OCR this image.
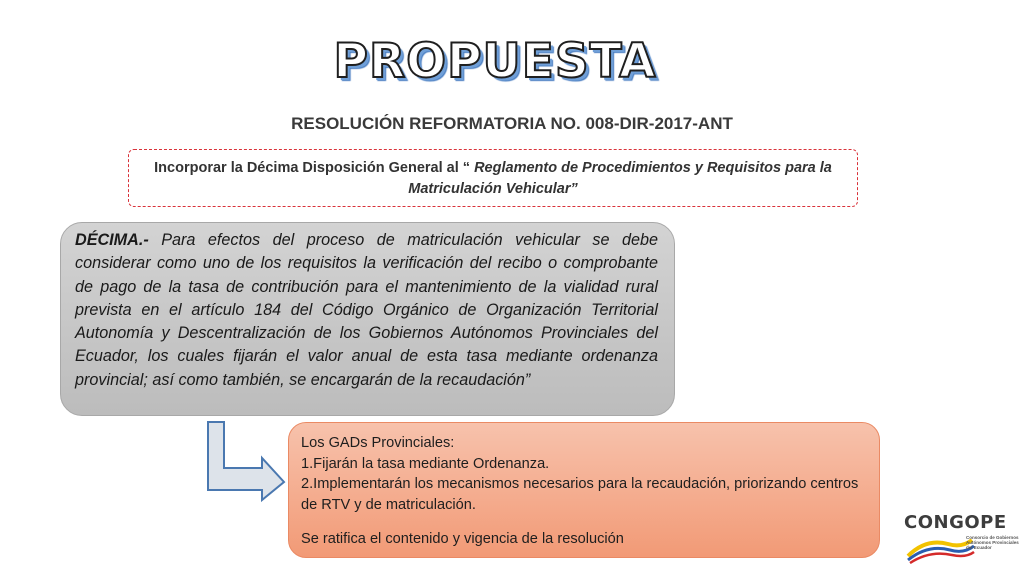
PROPUESTA
RESOLUCIÓN REFORMATORIA NO. 008-DIR-2017-ANT
Incorporar la Décima Disposición General al “ Reglamento de Procedimientos y Requisitos para la Matriculación Vehicular”
DÉCIMA.- Para efectos del proceso de matriculación vehicular se debe considerar como uno de los requisitos la verificación del recibo o comprobante de pago de la tasa de contribución para el mantenimiento de la vialidad rural prevista en el artículo 184 del Código Orgánico de Organización Territorial Autonomía y Descentralización de los Gobiernos Autónomos Provinciales del Ecuador, los cuales fijarán el valor anual de esta tasa mediante ordenanza provincial; así como también, se encargarán de la recaudación”
Los GADs Provinciales:
1.Fijarán la tasa mediante Ordenanza.
2.Implementarán los mecanismos necesarios para la recaudación, priorizando centros de RTV y de matriculación.
Se ratifica el contenido y vigencia de la resolución
CONGOPE
Consorcio de Gobiernos Autónomos Provinciales del Ecuador
